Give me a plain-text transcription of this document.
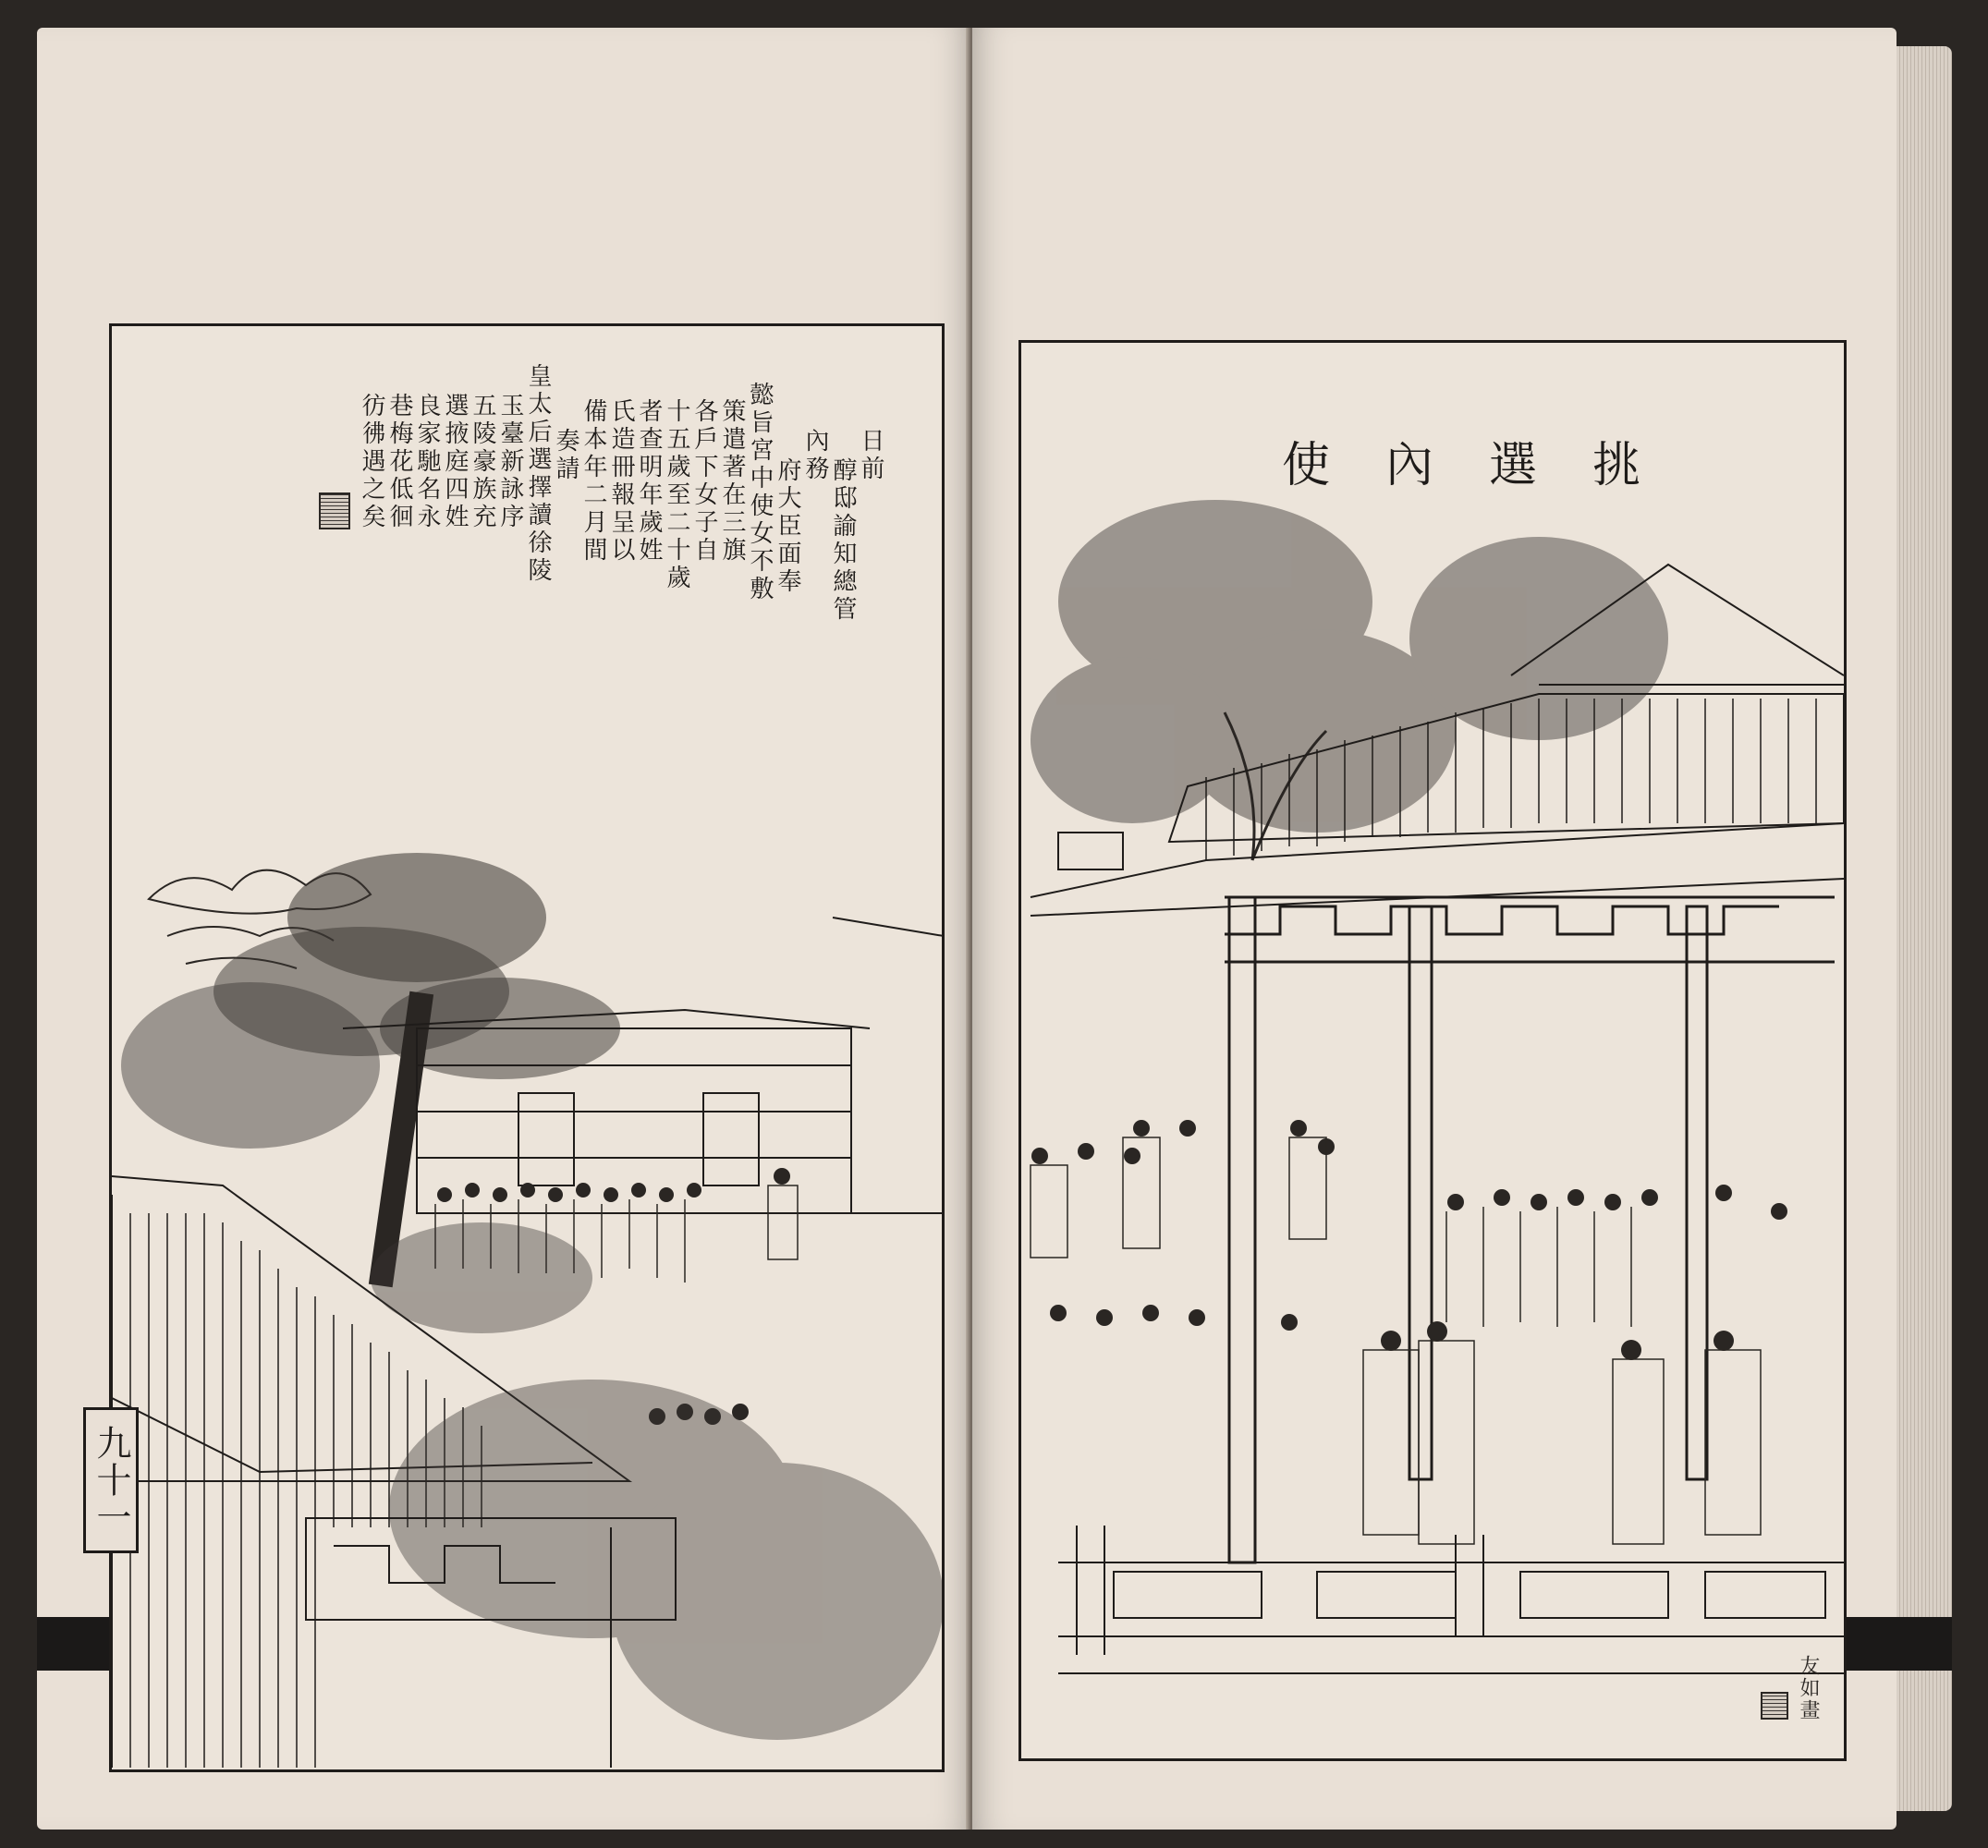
日前
醇邸諭知總管
內務
府大臣面奉
懿旨宮中使女不敷
策遣著在三旗
各戶下女子自
十五歲至二十歲
者查明年歲姓
氏造冊報呈以
備本年二月間
奏請
皇太后選擇讀徐陵
玉臺新詠序
五陵豪族充
選掖庭四姓
良家馳名永
巷梅花低徊
彷彿遇之矣
九十一
挑選內使
友如畫
